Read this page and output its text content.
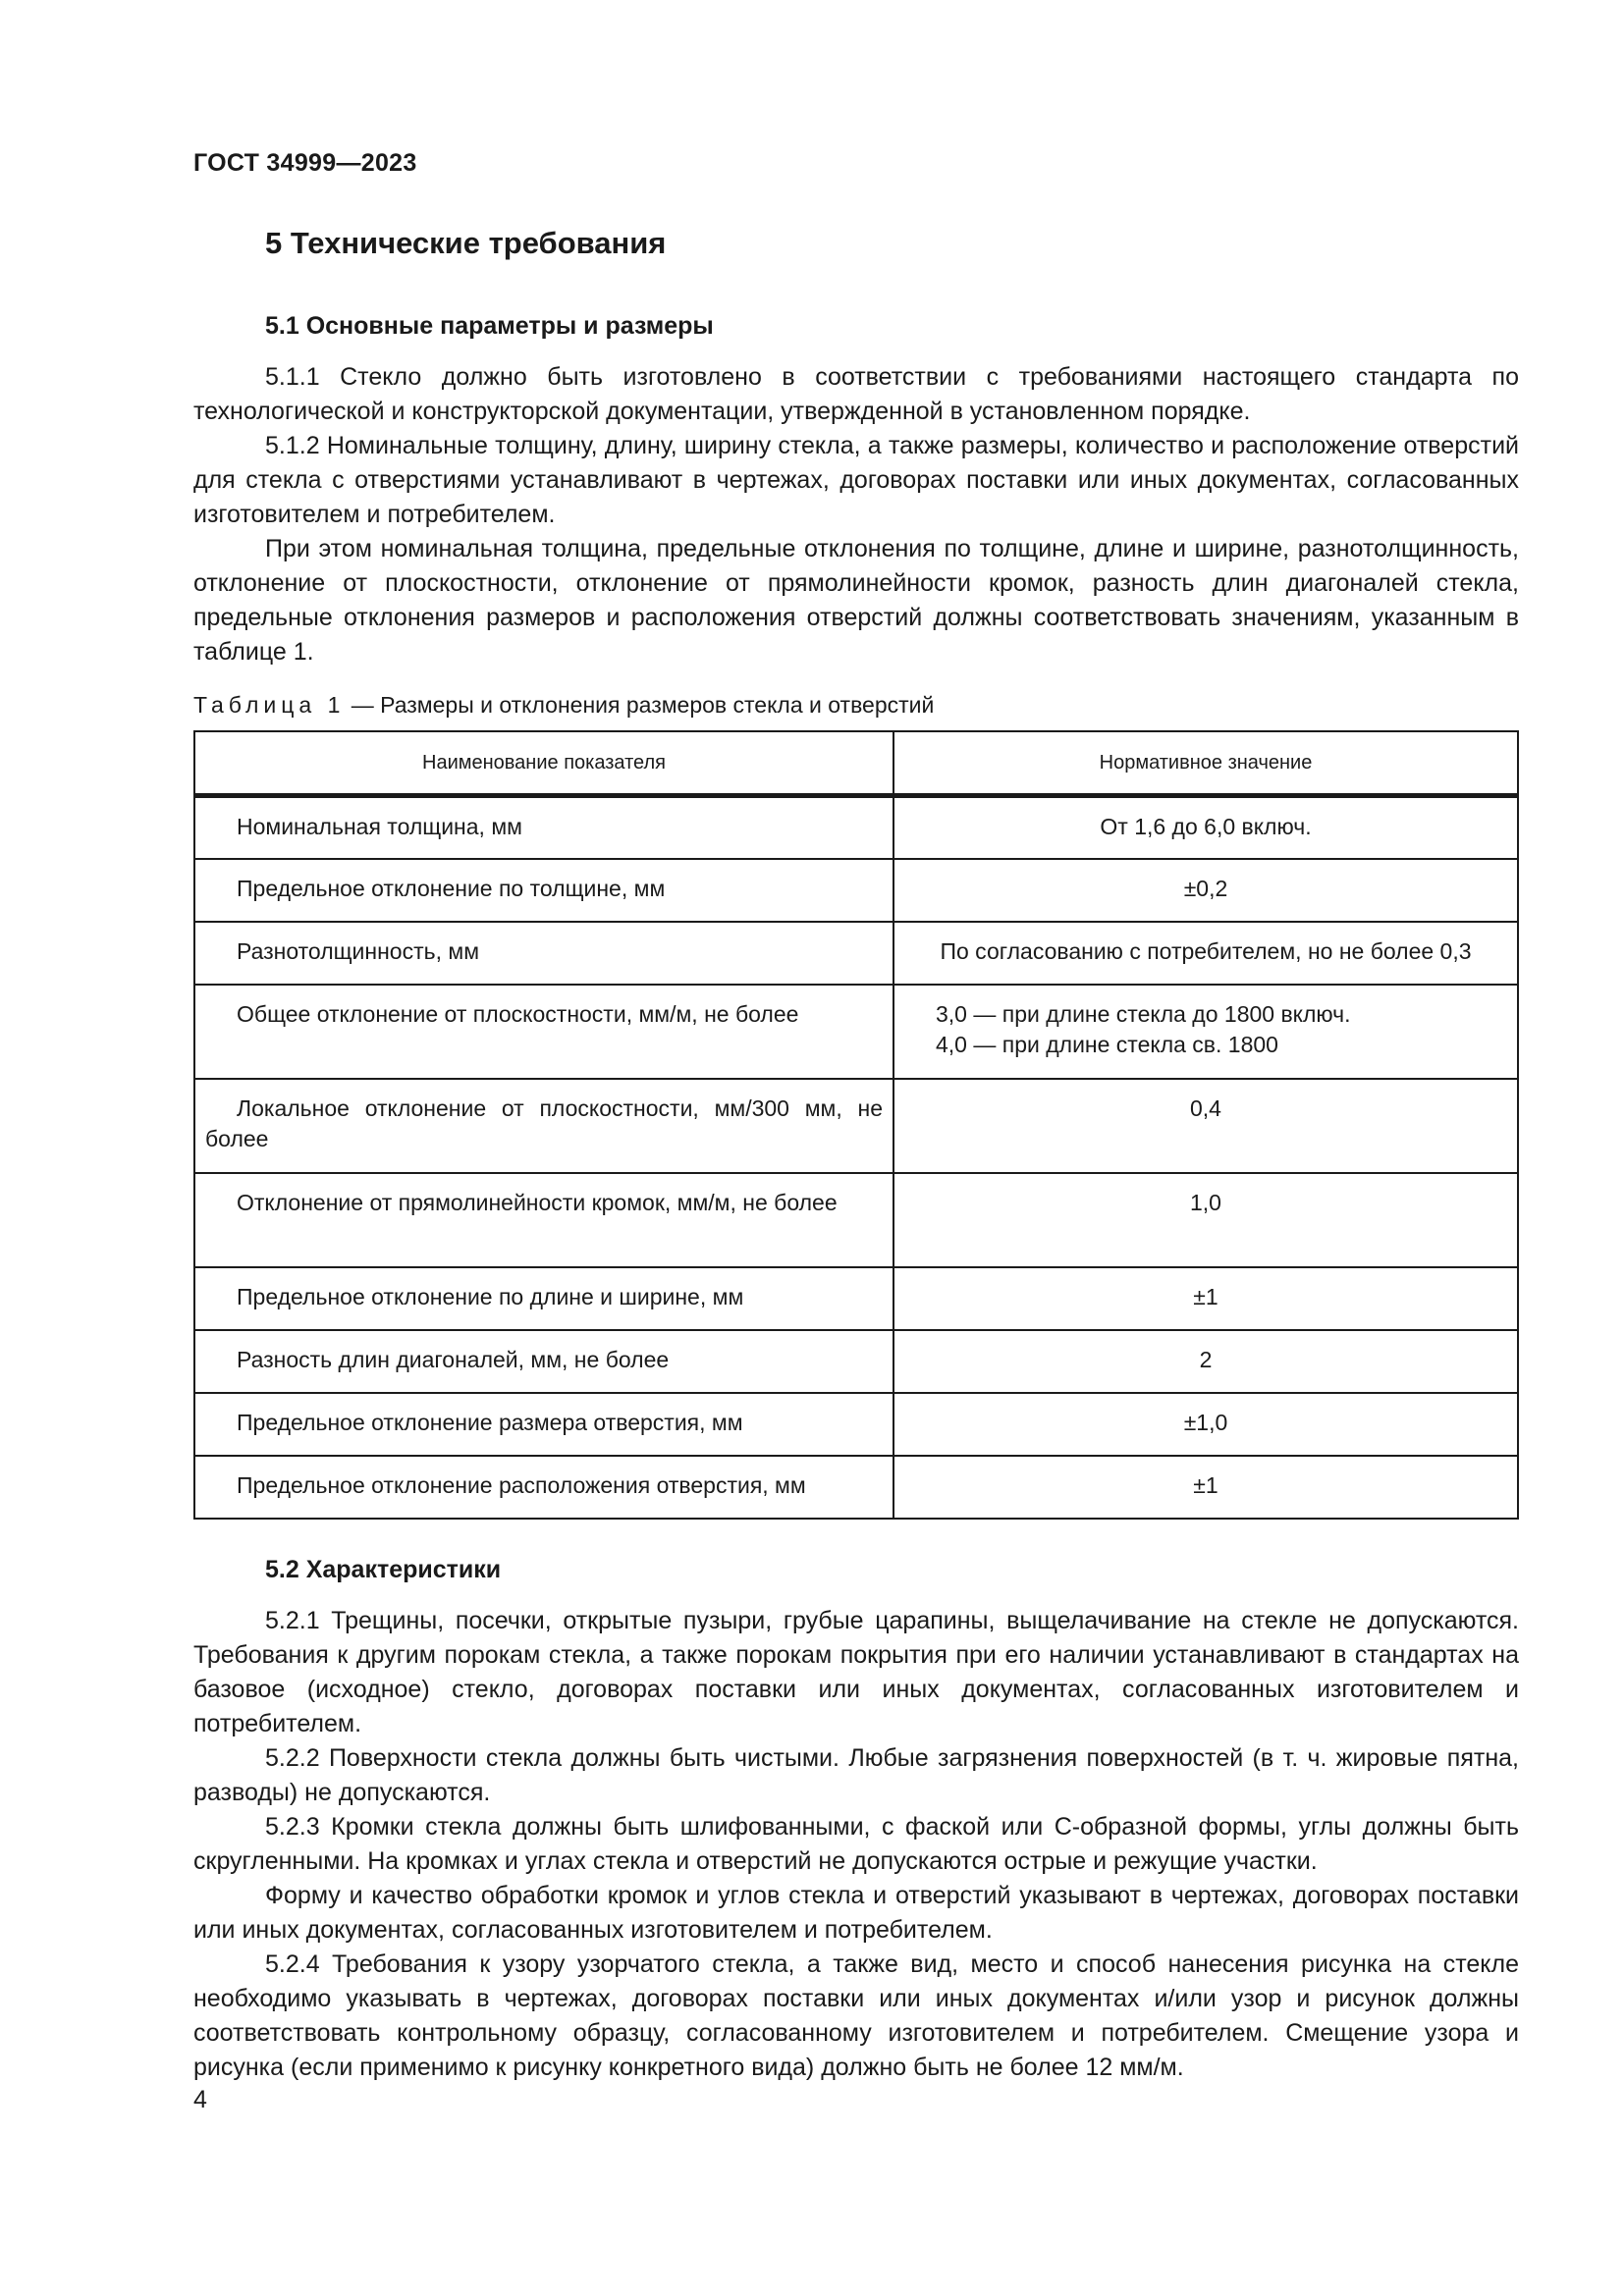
ГОСТ 34999—2023
5 Технические требования
5.1 Основные параметры и размеры

5.1.1 Стекло должно быть изготовлено в соответствии с требованиями настоящего стандарта по технологической и конструкторской документации, утвержденной в установленном порядке.

5.1.2 Номинальные толщину, длину, ширину стекла, а также размеры, количество и расположение отверстий для стекла с отверстиями устанавливают в чертежах, договорах поставки или иных документах, согласованных изготовителем и потребителем.

При этом номинальная толщина, предельные отклонения по толщине, длине и ширине, разнотолщинность, отклонение от плоскостности, отклонение от прямолинейности кромок, разность длин диагоналей стекла, предельные отклонения размеров и расположения отверстий должны соответствовать значениям, указанным в таблице 1.

Таблица 1 — Размеры и отклонения размеров стекла и отверстий
Наименование показателя	Нормативное значение
Номинальная толщина, мм	От 1,6 до 6,0 включ.
Предельное отклонение по толщине, мм	±0,2
Разнотолщинность, мм	По согласованию с потребителем, но не более 0,3
Общее отклонение от плоскостности, мм/м, не более	3,0 — при длине стекла до 1800 включ.
4,0 — при длине стекла св. 1800

Локальное отклонение от плоскостности, мм/300 мм, не более	0,4
Отклонение от прямолинейности кромок, мм/м, не более	1,0
Предельное отклонение по длине и ширине, мм	±1
Разность длин диагоналей, мм, не более	2
Предельное отклонение размера отверстия, мм	±1,0
Предельное отклонение расположения отверстия, мм	±1
5.2 Характеристики

5.2.1 Трещины, посечки, открытые пузыри, грубые царапины, выщелачивание на стекле не допускаются. Требования к другим порокам стекла, а также порокам покрытия при его наличии устанавливают в стандартах на базовое (исходное) стекло, договорах поставки или иных документах, согласованных изготовителем и потребителем.

5.2.2 Поверхности стекла должны быть чистыми. Любые загрязнения поверхностей (в т. ч. жировые пятна, разводы) не допускаются.

5.2.3 Кромки стекла должны быть шлифованными, с фаской или С-образной формы, углы должны быть скругленными. На кромках и углах стекла и отверстий не допускаются острые и режущие участки.

Форму и качество обработки кромок и углов стекла и отверстий указывают в чертежах, договорах поставки или иных документах, согласованных изготовителем и потребителем.

5.2.4 Требования к узору узорчатого стекла, а также вид, место и способ нанесения рисунка на стекле необходимо указывать в чертежах, договорах поставки или иных документах и/или узор и рисунок должны соответствовать контрольному образцу, согласованному изготовителем и потребителем. Смещение узора и рисунка (если применимо к рисунку конкретного вида) должно быть не более 12 мм/м.

4
